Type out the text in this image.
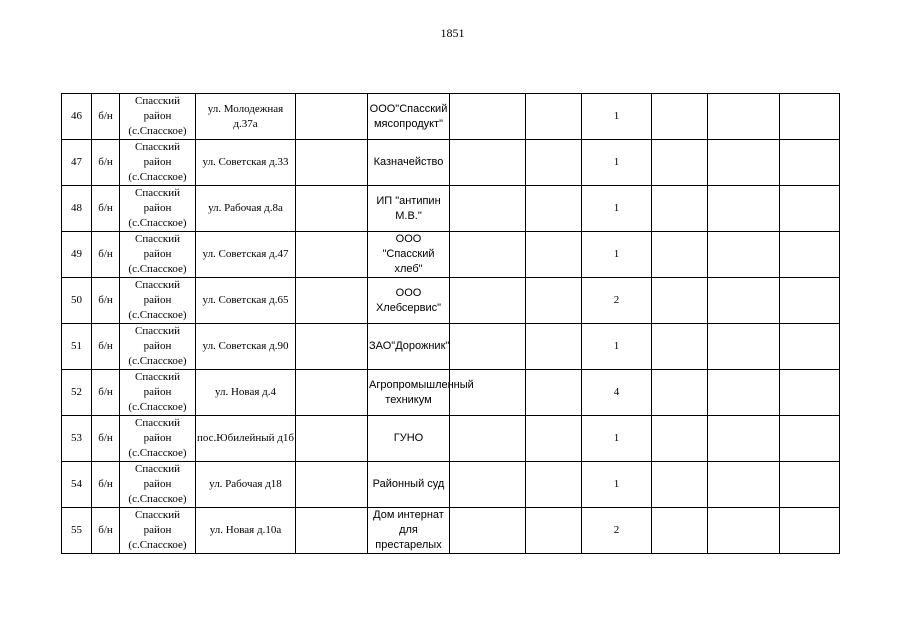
1851
46	б/н	Спасский
район
(с.Спасское)	ул. Молодежная д.37а		ООО"Спасский мясопродукт"			1			
47	б/н	Спасский
район
(с.Спасское)	ул. Советская д.33		Казначейство			1			
48	б/н	Спасский
район
(с.Спасское)	ул. Рабочая д.8а		ИП "антипин М.В."			1			
49	б/н	Спасский
район
(с.Спасское)	ул. Советская д.47		ООО "Спасский хлеб"			1			
50	б/н	Спасский
район
(с.Спасское)	ул. Советская д.65		ООО Хлебсервис"			2			
51	б/н	Спасский
район
(с.Спасское)	ул. Советская д.90		ЗАО"Дорожник"			1			
52	б/н	Спасский
район
(с.Спасское)	ул. Новая д.4		Агропромышленный техникум			4			
53	б/н	Спасский
район
(с.Спасское)	пос.Юбилейный д1б		ГУНО			1			
54	б/н	Спасский
район
(с.Спасское)	ул. Рабочая д18		Районный суд			1			
55	б/н	Спасский
район
(с.Спасское)	ул. Новая д.10а		Дом интернат для престарелых			2			
